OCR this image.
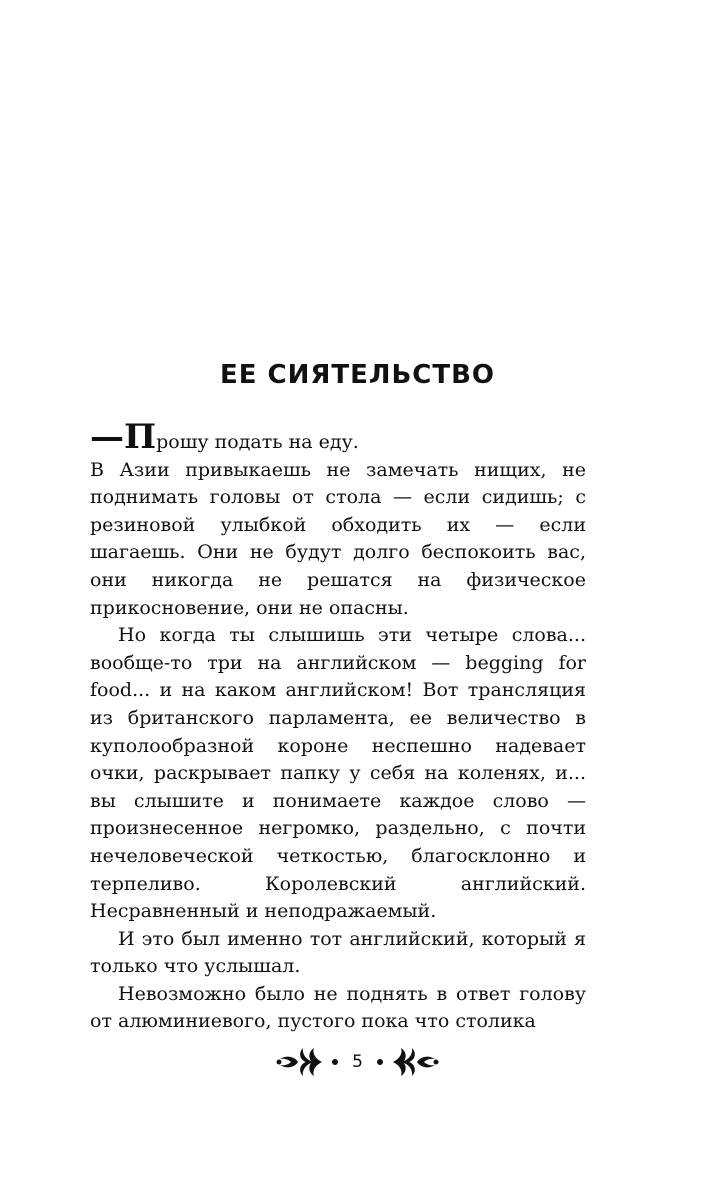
ЕЕ СИЯТЕЛЬСТВО

—Прошу подать на еду.

В Азии привыкаешь не замечать нищих, не поднимать головы от стола — если сидишь; с резиновой улыбкой обходить их — если шагаешь. Они не будут долго беспокоить вас, они никогда не решатся на физическое прикосновение, они не опасны.

Но когда ты слышишь эти четыре слова... вообще-то три на английском — begging for food... и на каком английском! Вот трансляция из британского парламента, ее величество в куполообразной короне неспешно надевает очки, раскрывает папку у себя на коленях, и... вы слышите и понимаете каждое слово — произнесенное негромко, раздельно, с почти нечеловеческой четкостью, благосклонно и терпеливо. Королевский английский. Несравненный и неподражаемый.

И это был именно тот английский, который я только что услышал.

Невозможно было не поднять в ответ голову от алюминиевого, пустого пока что столика

5
